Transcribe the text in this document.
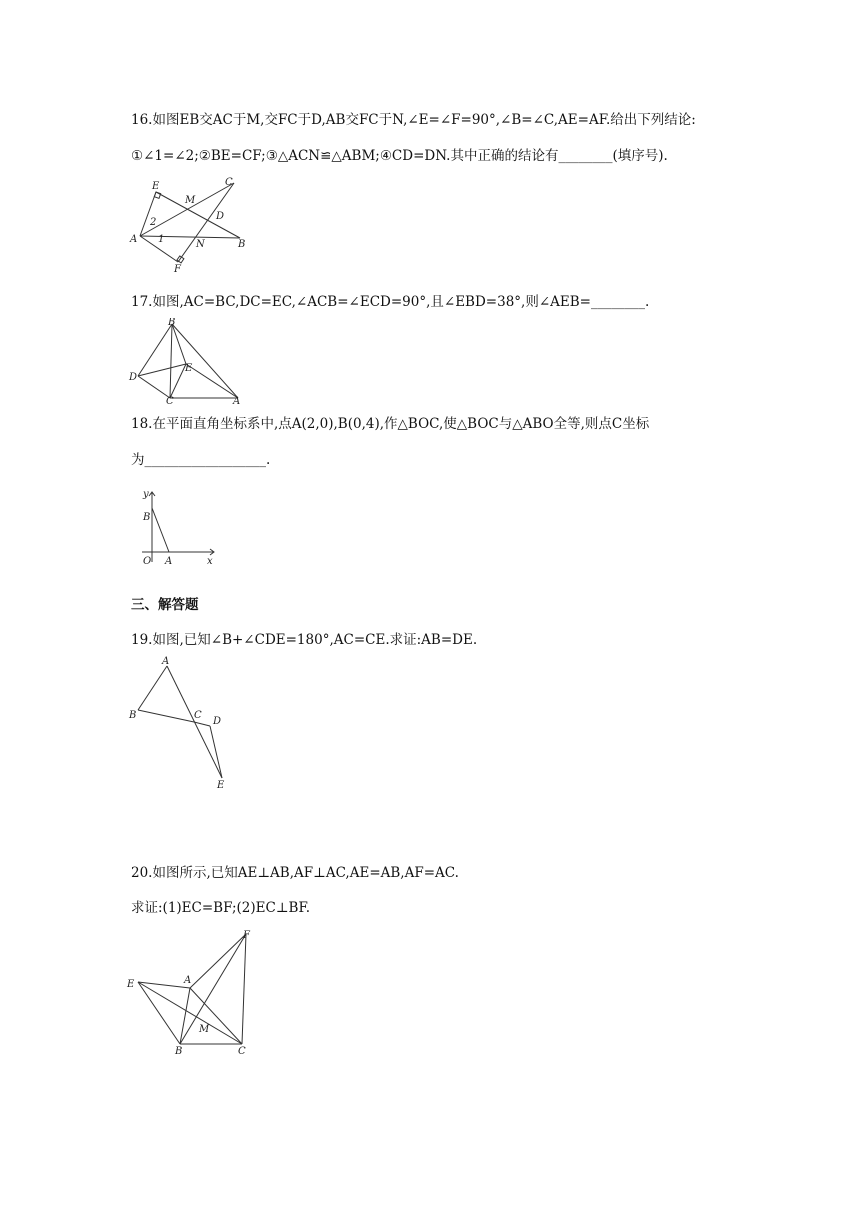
16.如图EB交AC于M,交FC于D,AB交FC于N,∠E=∠F=90°,∠B=∠C,AE=AF.给出下列结论:
①∠1=∠2;②BE=CF;③△ACN≌△ABM;④CD=DN.其中正确的结论有________(填序号).
E
M
C
2
D
A 1	N	B
F
17.如图,AC=BC,DC=EC,∠ACB=∠ECD=90°,且∠EBD=38°,则∠AEB=________.
B
E
D
C	A
18.在平面直角坐标系中,点A(2,0),B(0,4),作△BOC,使△BOC与△ABO全等,则点C坐标
为__________________.
y
B
O A	x
三、解答题
19.如图,已知∠B+∠CDE=180°,AC=CE.求证:AB=DE.
A
B	C
D
E
20.如图所示,已知AE⊥AB,AF⊥AC,AE=AB,AF=AC.
求证:(1)EC=BF;(2)EC⊥BF.
F
A
E
M
B	C
